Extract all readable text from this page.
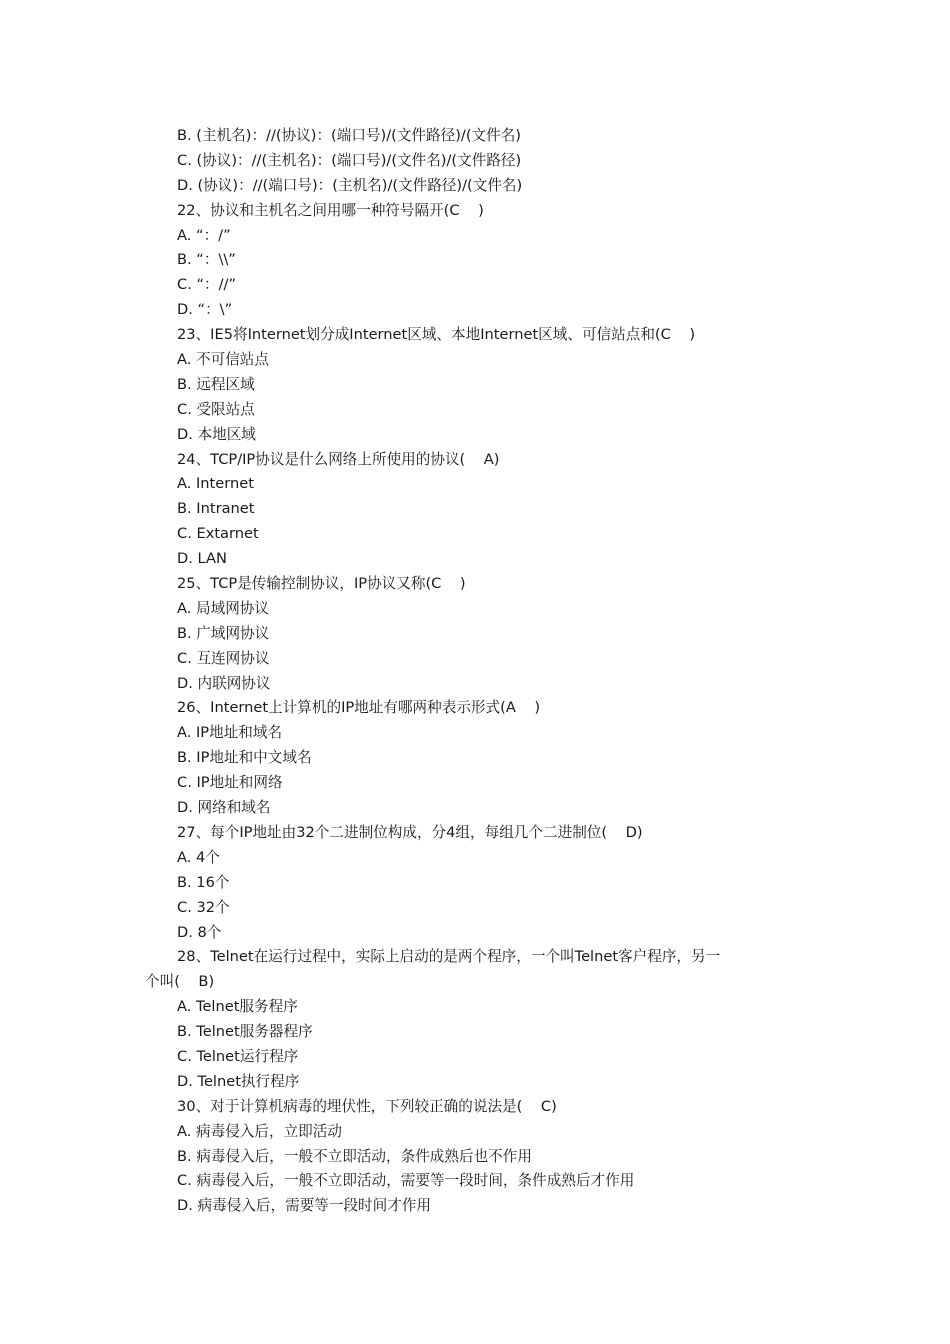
B. (主机名)：//(协议)：(端口号)/(文件路径)/(文件名)
C. (协议)：//(主机名)：(端口号)/(文件名)/(文件路径)
D. (协议)：//(端口号)：(主机名)/(文件路径)/(文件名)
22、协议和主机名之间用哪一种符号隔开(C    )
A. “：/”
B. “：\\”
C. “：//”
D. “：\”
23、IE5将Internet划分成Internet区域、本地Internet区域、可信站点和(C    )
A. 不可信站点
B. 远程区域
C. 受限站点
D. 本地区域
24、TCP/IP协议是什么网络上所使用的协议(    A)
A. Internet
B. Intranet
C. Extarnet
D. LAN
25、TCP是传输控制协议，IP协议又称(C    )
A. 局域网协议
B. 广域网协议
C. 互连网协议
D. 内联网协议
26、Internet上计算机的IP地址有哪两种表示形式(A    )
A. IP地址和域名
B. IP地址和中文域名
C. IP地址和网络
D. 网络和域名
27、每个IP地址由32个二进制位构成，分4组，每组几个二进制位(    D)
A. 4个
B. 16个
C. 32个
D. 8个
28、Telnet在运行过程中，实际上启动的是两个程序，一个叫Telnet客户程序，另一
个叫(    B)
A. Telnet服务程序
B. Telnet服务器程序
C. Telnet运行程序
D. Telnet执行程序
30、对于计算机病毒的埋伏性，下列较正确的说法是(    C)
A. 病毒侵入后，立即活动
B. 病毒侵入后，一般不立即活动，条件成熟后也不作用
C. 病毒侵入后，一般不立即活动，需要等一段时间，条件成熟后才作用
D. 病毒侵入后，需要等一段时间才作用
